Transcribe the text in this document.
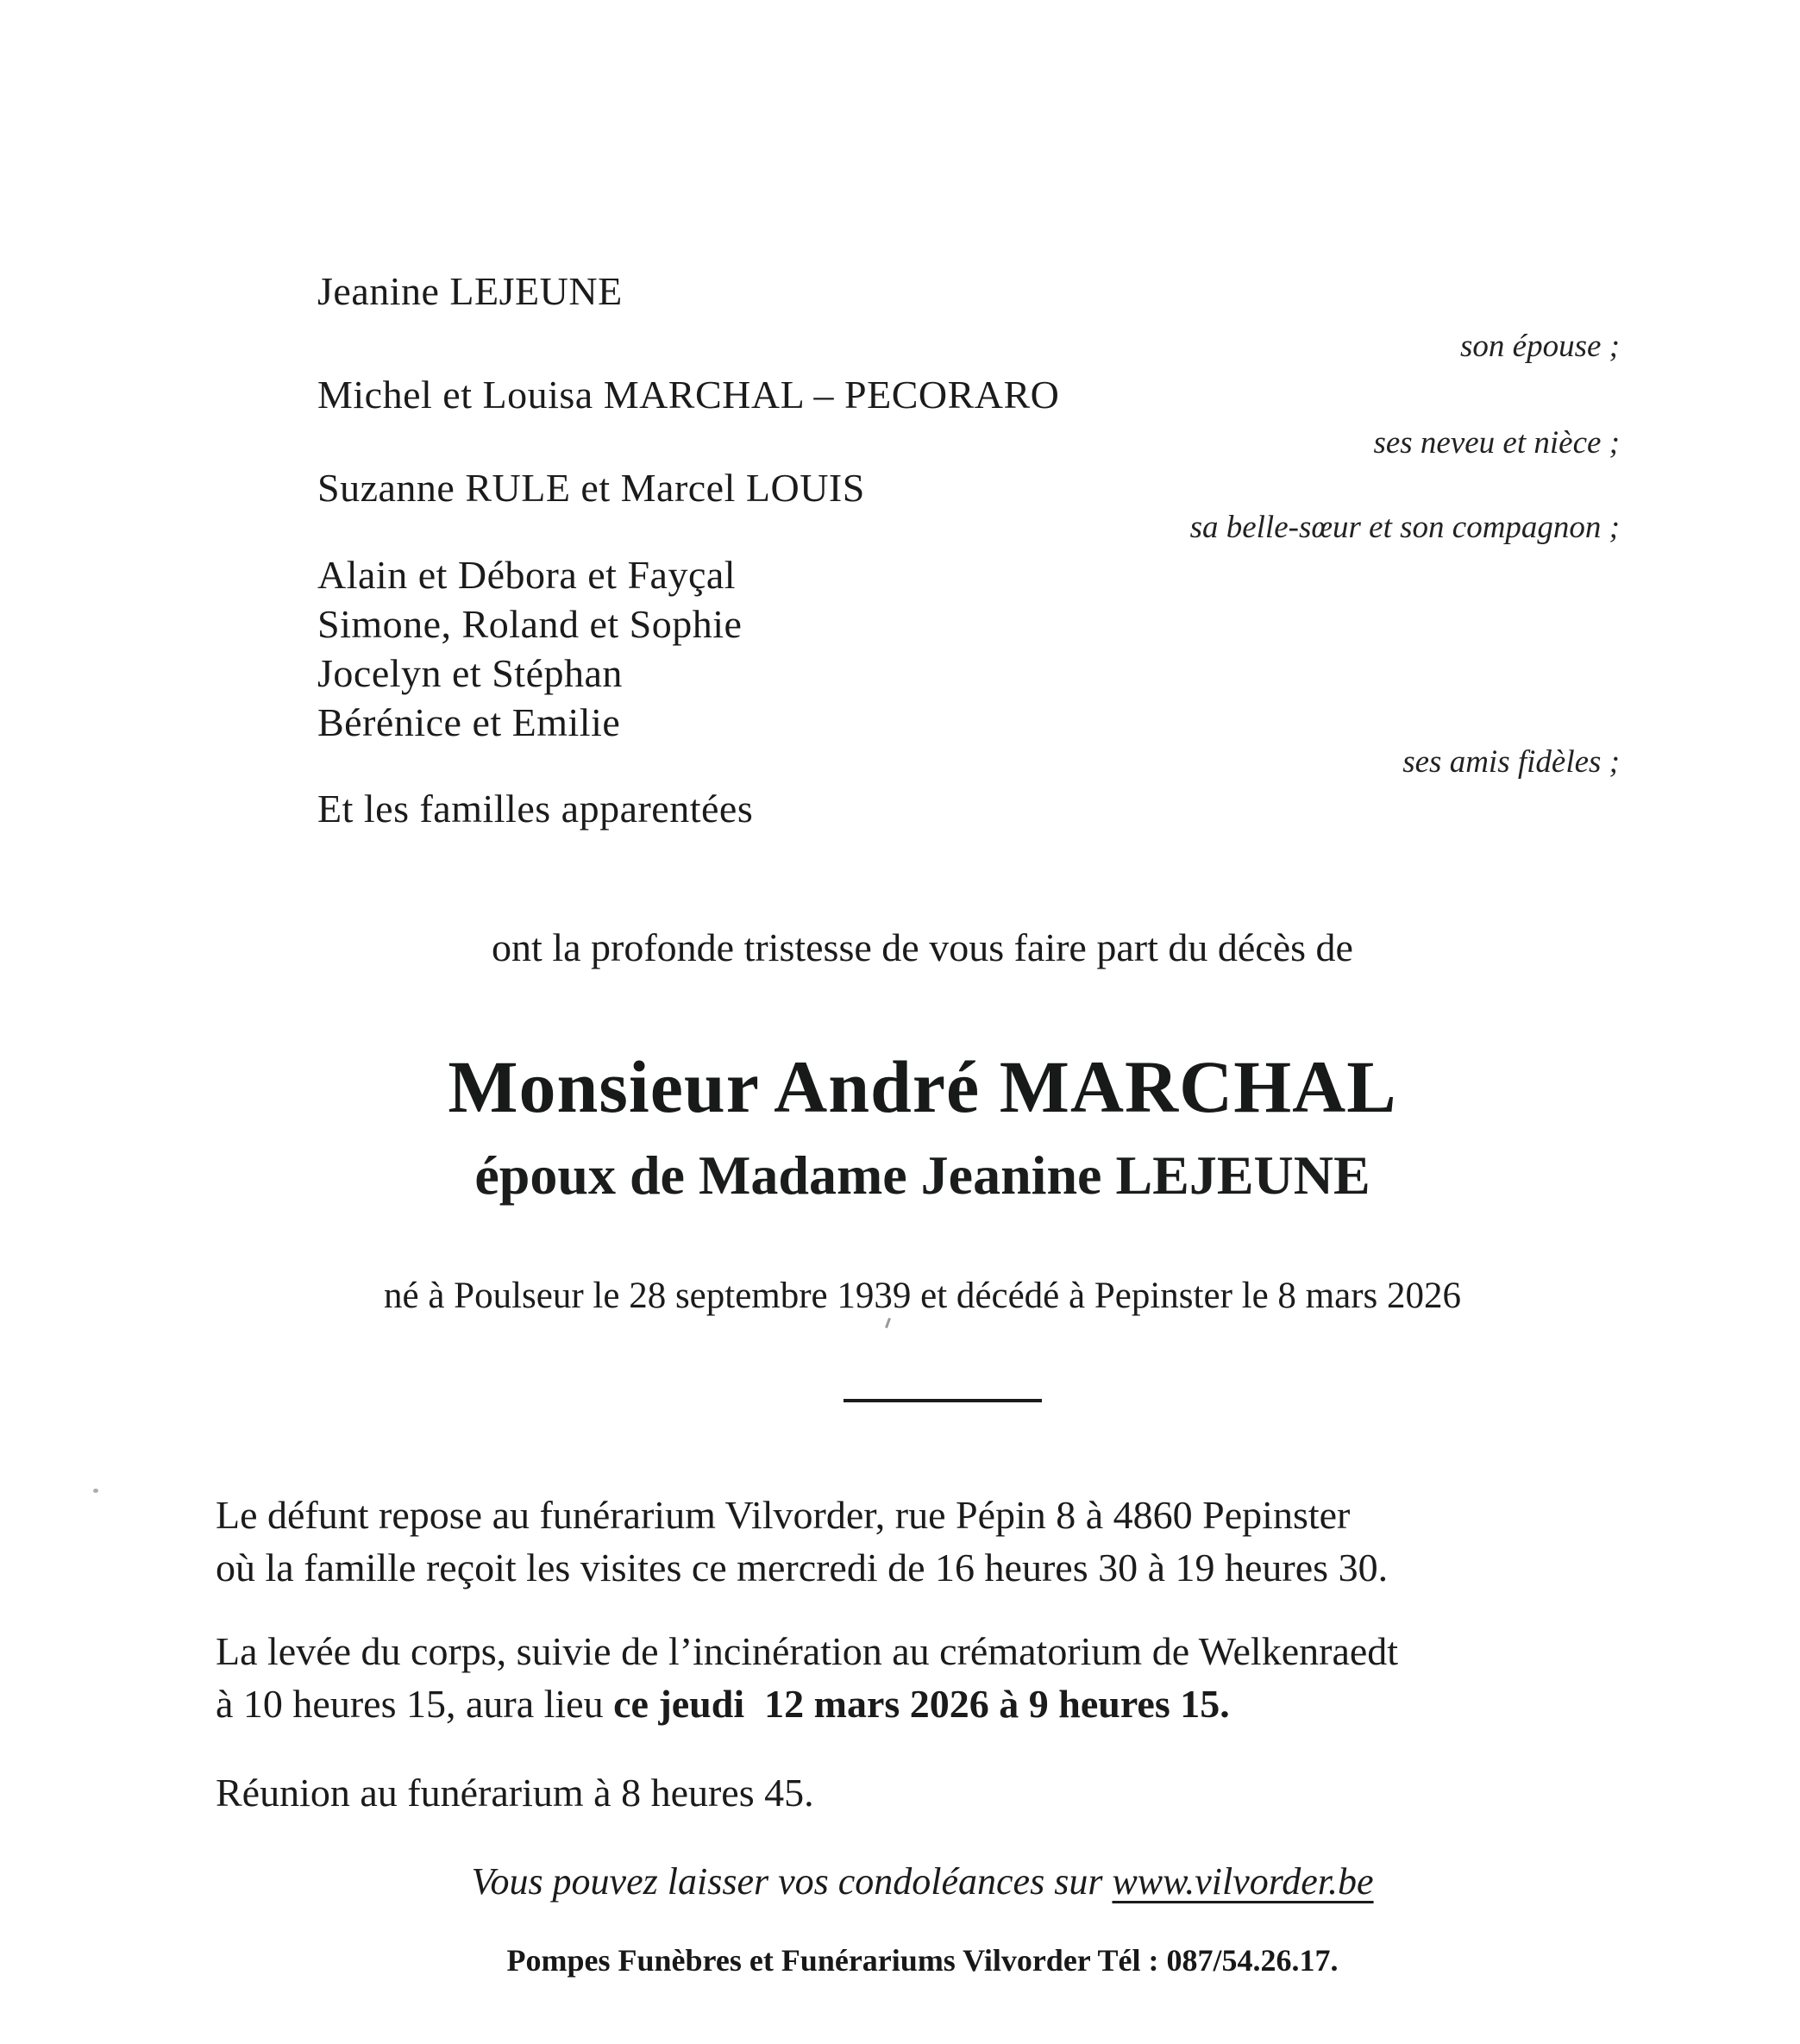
Jeanine LEJEUNE
son épouse ;
Michel et Louisa MARCHAL – PECORARO
ses neveu et nièce ;
Suzanne RULE et Marcel LOUIS
sa belle-sœur et son compagnon ;
Alain et Débora et Fayçal
Simone, Roland et Sophie
Jocelyn et Stéphan
Bérénice et Emilie
ses amis fidèles ;
Et les familles apparentées
ont la profonde tristesse de vous faire part du décès de
Monsieur André MARCHAL
époux de Madame Jeanine LEJEUNE
né à Poulseur le 28 septembre 1939 et décédé à Pepinster le 8 mars 2026
Le défunt repose au funérarium Vilvorder, rue Pépin 8 à 4860 Pepinster
où la famille reçoit les visites ce mercredi de 16 heures 30 à 19 heures 30.
La levée du corps, suivie de l’incinération au crématorium de Welkenraedt
à 10 heures 15, aura lieu ce jeudi  12 mars 2026 à 9 heures 15.
Réunion au funérarium à 8 heures 45.
Vous pouvez laisser vos condoléances sur www.vilvorder.be
Pompes Funèbres et Funérariums Vilvorder Tél : 087/54.26.17.
